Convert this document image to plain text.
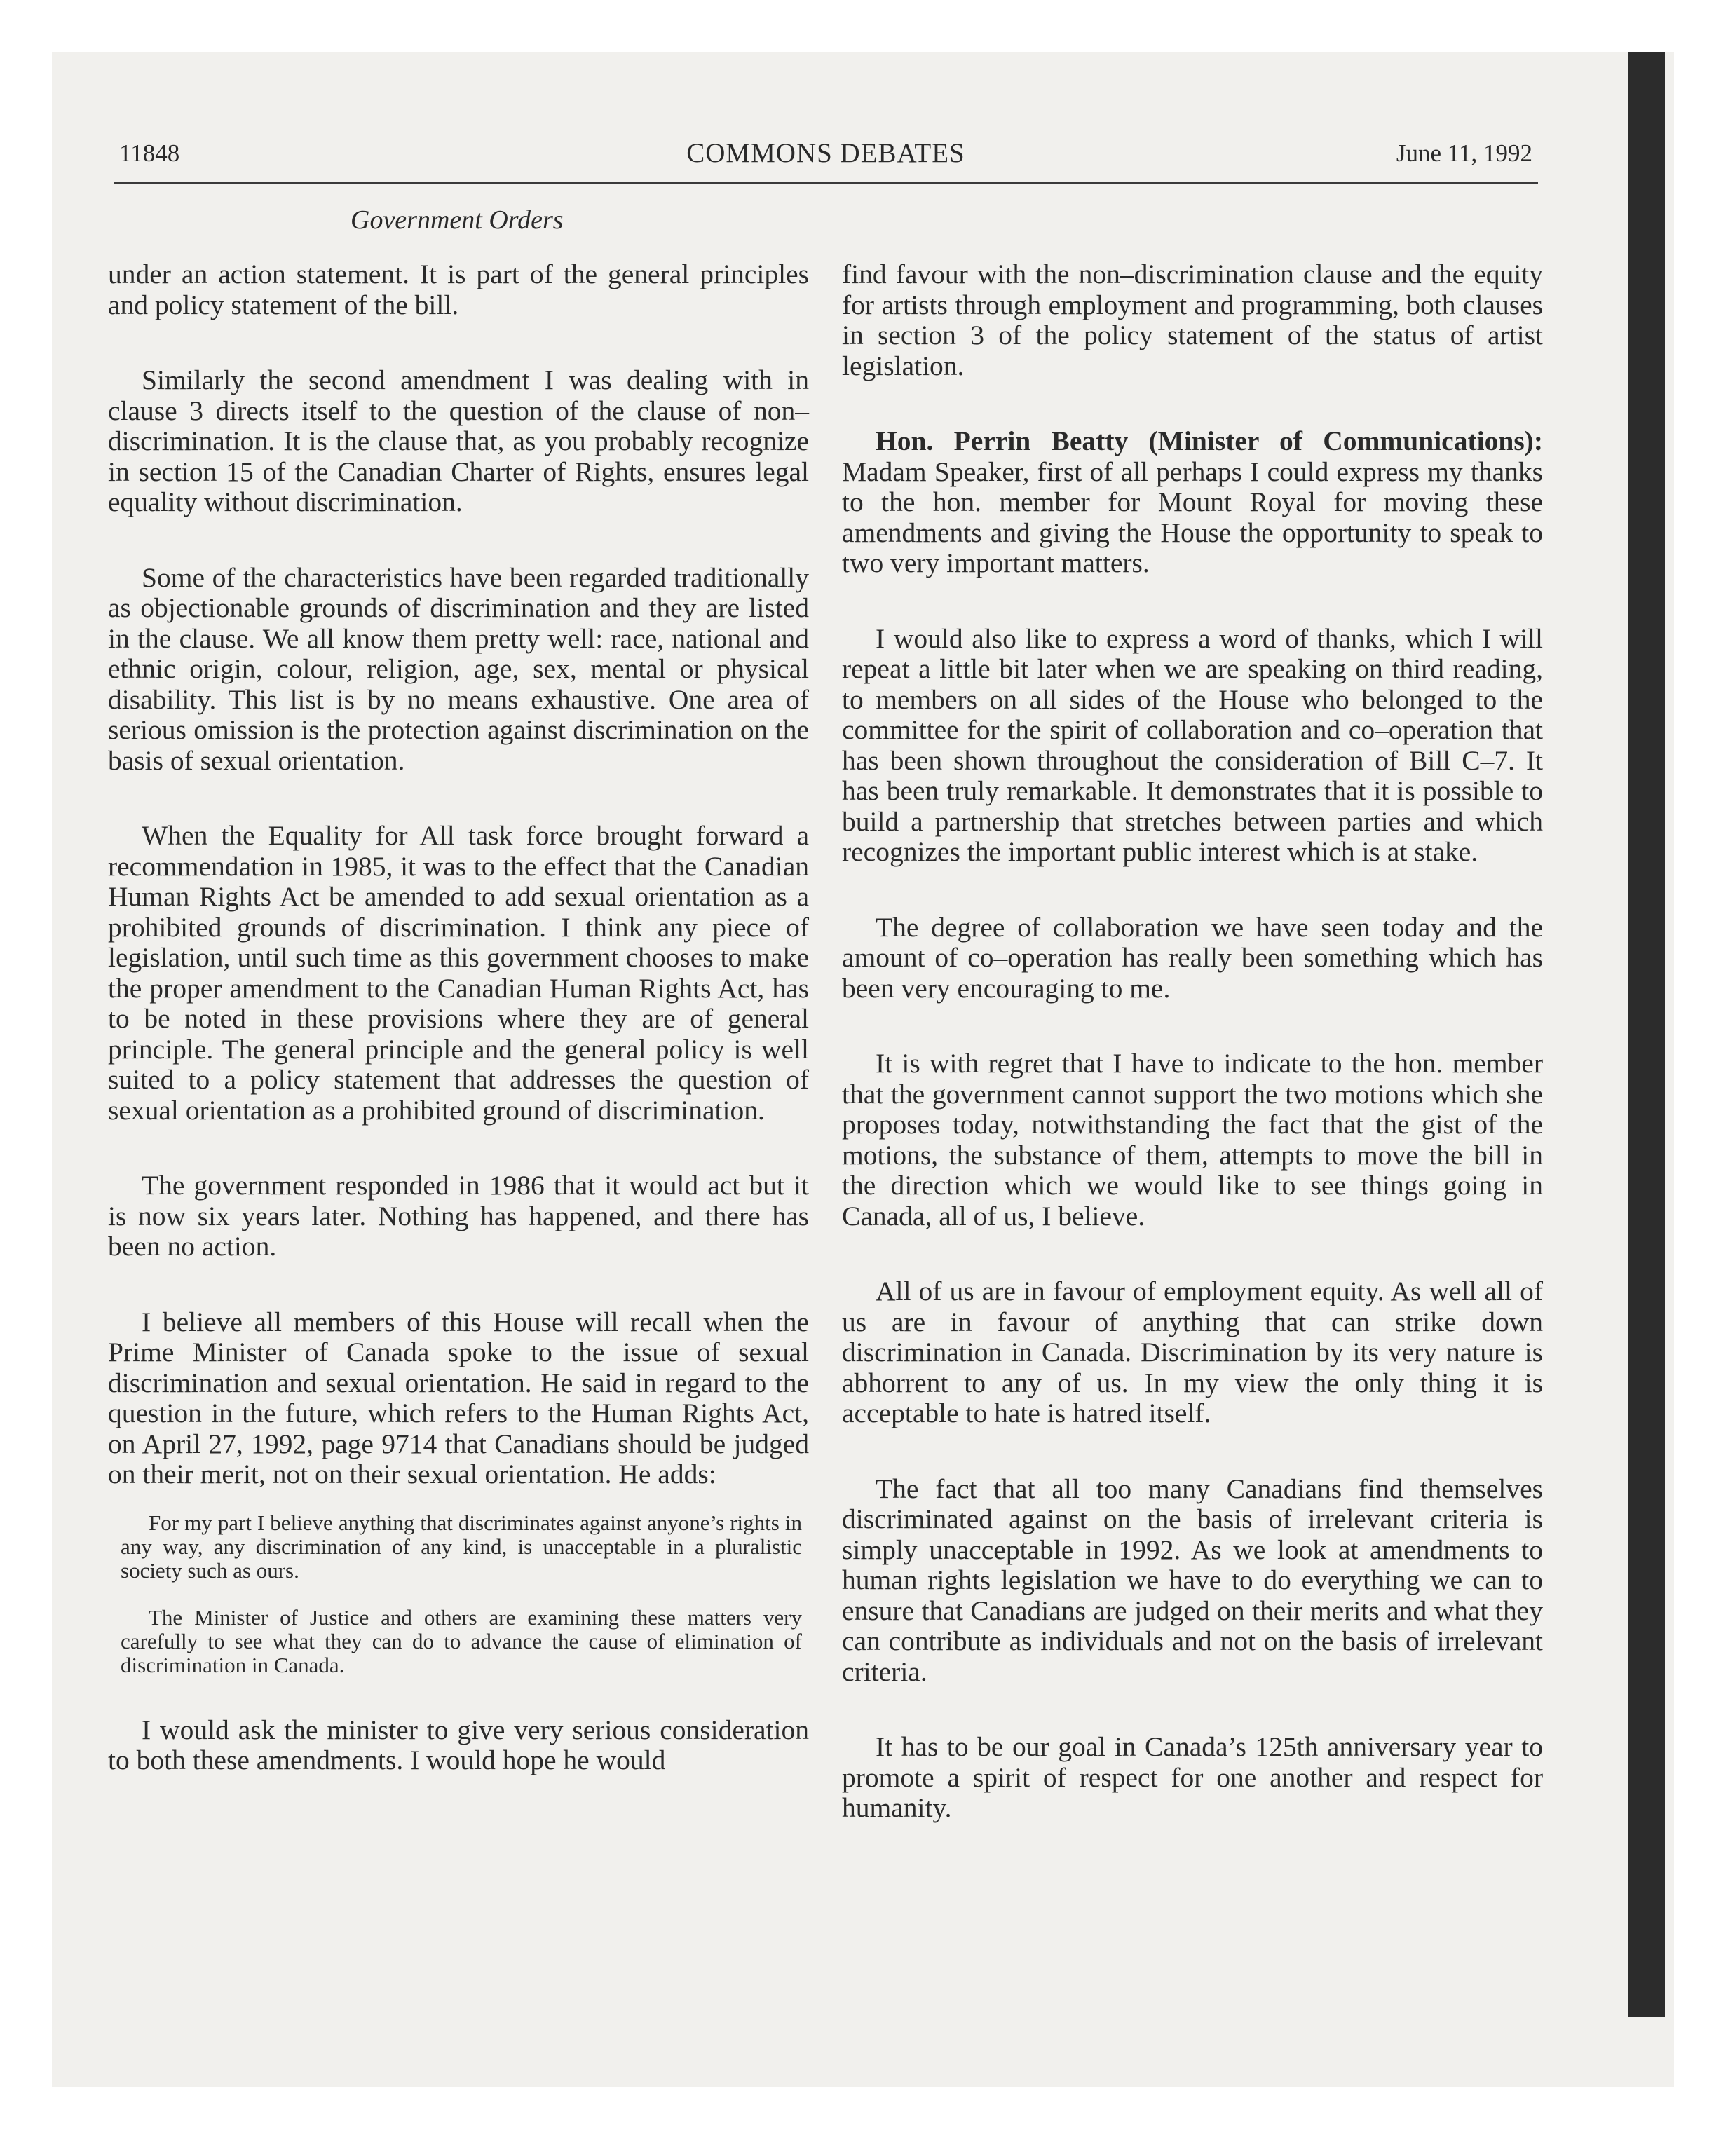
11848	COMMONS DEBATES	June 11, 1992
Government Orders

under an action statement. It is part of the general principles and policy statement of the bill.

Similarly the second amendment I was dealing with in clause 3 directs itself to the question of the clause of non–discrimination. It is the clause that, as you probably recognize in section 15 of the Canadian Charter of Rights, ensures legal equality without discrimination.

Some of the characteristics have been regarded traditionally as objectionable grounds of discrimination and they are listed in the clause. We all know them pretty well: race, national and ethnic origin, colour, religion, age, sex, mental or physical disability. This list is by no means exhaustive. One area of serious omission is the protection against discrimination on the basis of sexual orientation.

When the Equality for All task force brought forward a recommendation in 1985, it was to the effect that the Canadian Human Rights Act be amended to add sexual orientation as a prohibited grounds of discrimination. I think any piece of legislation, until such time as this government chooses to make the proper amendment to the Canadian Human Rights Act, has to be noted in these provisions where they are of general principle. The general principle and the general policy is well suited to a policy statement that addresses the question of sexual orientation as a prohibited ground of discrimination.

The government responded in 1986 that it would act but it is now six years later. Nothing has happened, and there has been no action.

I believe all members of this House will recall when the Prime Minister of Canada spoke to the issue of sexual discrimination and sexual orientation. He said in regard to the question in the future, which refers to the Human Rights Act, on April 27, 1992, page 9714 that Canadians should be judged on their merit, not on their sexual orientation. He adds:

For my part I believe anything that discriminates against anyone’s rights in any way, any discrimination of any kind, is unacceptable in a pluralistic society such as ours.

The Minister of Justice and others are examining these matters very carefully to see what they can do to advance the cause of elimination of discrimination in Canada.

I would ask the minister to give very serious consideration to both these amendments. I would hope he would

find favour with the non–discrimination clause and the equity for artists through employment and programming, both clauses in section 3 of the policy statement of the status of artist legislation.

Hon. Perrin Beatty (Minister of Communications): Madam Speaker, first of all perhaps I could express my thanks to the hon. member for Mount Royal for moving these amendments and giving the House the opportunity to speak to two very important matters.

I would also like to express a word of thanks, which I will repeat a little bit later when we are speaking on third reading, to members on all sides of the House who belonged to the committee for the spirit of collaboration and co–operation that has been shown throughout the consideration of Bill C–7. It has been truly remarkable. It demonstrates that it is possible to build a partnership that stretches between parties and which recognizes the important public interest which is at stake.

The degree of collaboration we have seen today and the amount of co–operation has really been something which has been very encouraging to me.

It is with regret that I have to indicate to the hon. member that the government cannot support the two motions which she proposes today, notwithstanding the fact that the gist of the motions, the substance of them, attempts to move the bill in the direction which we would like to see things going in Canada, all of us, I believe.

All of us are in favour of employment equity. As well all of us are in favour of anything that can strike down discrimination in Canada. Discrimination by its very nature is abhorrent to any of us. In my view the only thing it is acceptable to hate is hatred itself.

The fact that all too many Canadians find themselves discriminated against on the basis of irrelevant criteria is simply unacceptable in 1992. As we look at amendments to human rights legislation we have to do everything we can to ensure that Canadians are judged on their merits and what they can contribute as individuals and not on the basis of irrelevant criteria.

It has to be our goal in Canada’s 125th anniversary year to promote a spirit of respect for one another and respect for humanity.
